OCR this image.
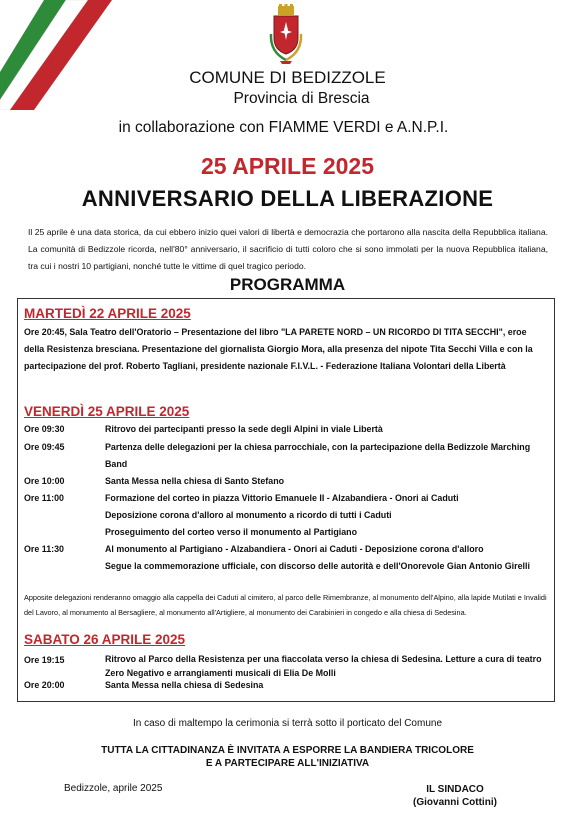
COMUNE DI BEDIZZOLE
Provincia di Brescia
in collaborazione con FIAMME VERDI e A.N.P.I.
25 APRILE 2025
ANNIVERSARIO DELLA LIBERAZIONE
Il 25 aprile è una data storica, da cui ebbero inizio quei valori di libertà e democrazia che portarono alla nascita della Repubblica italiana. La comunità di Bedizzole ricorda, nell'80° anniversario, il sacrificio di tutti coloro che si sono immolati per la nuova Repubblica italiana, tra cui i nostri 10 partigiani, nonché tutte le vittime di quel tragico periodo.
PROGRAMMA
MARTEDÌ 22 APRILE 2025
Ore 20:45, Sala Teatro dell'Oratorio – Presentazione del libro "LA PARETE NORD – UN RICORDO DI TITA SECCHI", eroe della Resistenza bresciana. Presentazione del giornalista Giorgio Mora, alla presenza del nipote Tita Secchi Villa e con la partecipazione del prof. Roberto Tagliani, presidente nazionale F.I.V.L. - Federazione Italiana Volontari della Libertà
VENERDÌ 25 APRILE 2025
Ore 09:30	Ritrovo dei partecipanti presso la sede degli Alpini in viale Libertà
Ore 09:45	Partenza delle delegazioni per la chiesa parrocchiale, con la partecipazione della Bedizzole Marching Band
Ore 10:00	Santa Messa nella chiesa di Santo Stefano
Ore 11:00	Formazione del corteo in piazza Vittorio Emanuele II - Alzabandiera - Onori ai Caduti
Deposizione corona d'alloro al monumento a ricordo di tutti i Caduti
Proseguimento del corteo verso il monumento al Partigiano
Ore 11:30	Al monumento al Partigiano - Alzabandiera - Onori ai Caduti - Deposizione corona d'alloro
Segue la commemorazione ufficiale, con discorso delle autorità e dell'Onorevole Gian Antonio Girelli
Apposite delegazioni renderanno omaggio alla cappella dei Caduti al cimitero, al parco delle Rimembranze, al monumento dell'Alpino, alla lapide Mutilati e Invalidi del Lavoro, al monumento al Bersagliere, al monumento all'Artigliere, al monumento dei Carabinieri in congedo e alla chiesa di Sedesina.
SABATO 26 APRILE 2025
Ore 19:15	Ritrovo al Parco della Resistenza per una fiaccolata verso la chiesa di Sedesina. Letture a cura di teatro Zero Negativo e arrangiamenti musicali di Elia De Molli
Ore 20:00	Santa Messa nella chiesa di Sedesina
In caso di maltempo la cerimonia si terrà sotto il porticato del Comune
TUTTA LA CITTADINANZA È INVITATA A ESPORRE LA BANDIERA TRICOLORE
E A PARTECIPARE ALL'INIZIATIVA
Bedizzole, aprile 2025	IL SINDACO
(Giovanni Cottini)
